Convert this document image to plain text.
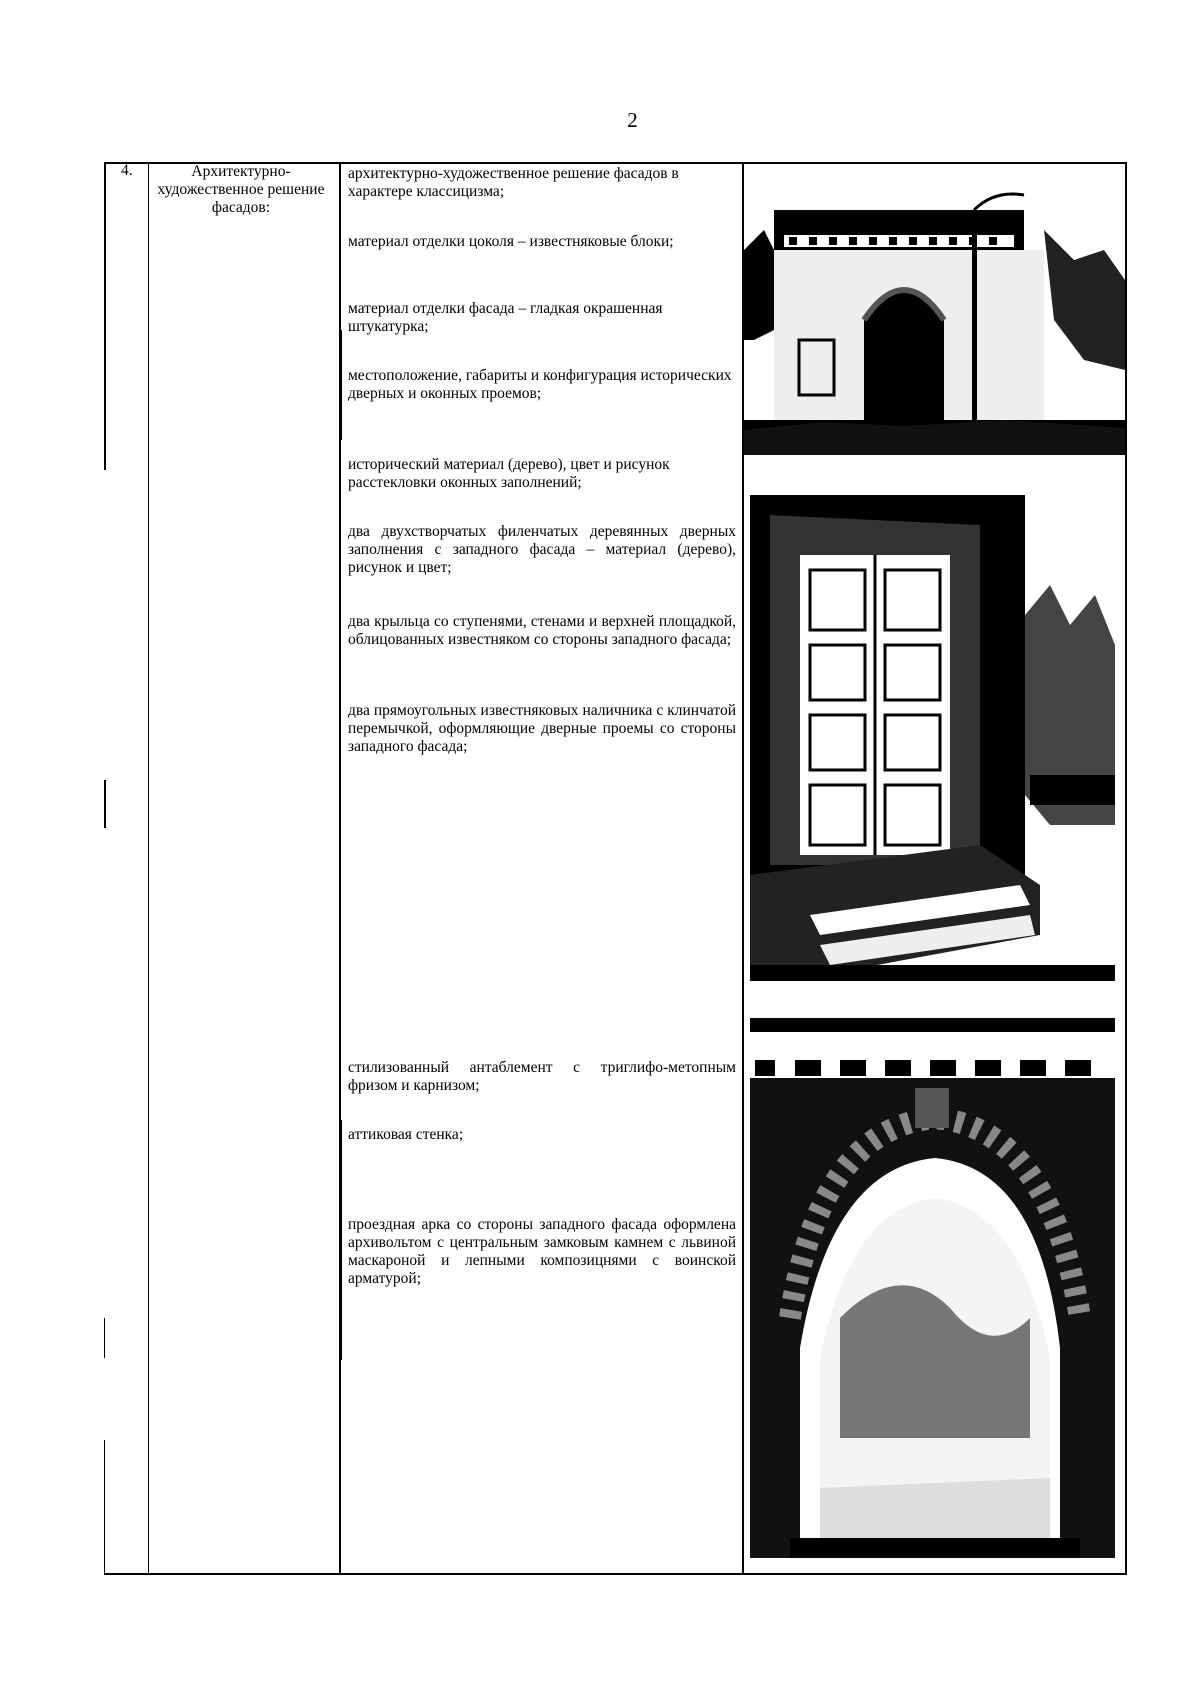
2
4.	Архитектурно-художественное решение фасадов:
архитектурно-художественное решение фасадов в характере классицизма;
материал отделки цоколя – известняковые блоки;
материал отделки фасада – гладкая окрашенная штукатурка;
местоположение, габариты и конфигурация исторических дверных и оконных проемов;
исторический материал (дерево), цвет и рисунок расстекловки оконных заполнений;
два двухстворчатых филенчатых деревянных дверных заполнения с западного фасада – материал (дерево), рисунок и цвет;
два крыльца со ступенями, стенами и верхней площадкой, облицованных известняком со стороны западного фасада;
два прямоугольных известняковых наличника с клинчатой перемычкой, оформляющие дверные проемы со стороны западного фасада;
стилизованный антаблемент с триглифо-метопным фризом и карнизом;
аттиковая стенка;
проездная арка со стороны западного фасада оформлена архивольтом с центральным замковым камнем с львиной маскароной и лепными композицнями с воинской арматурой;
